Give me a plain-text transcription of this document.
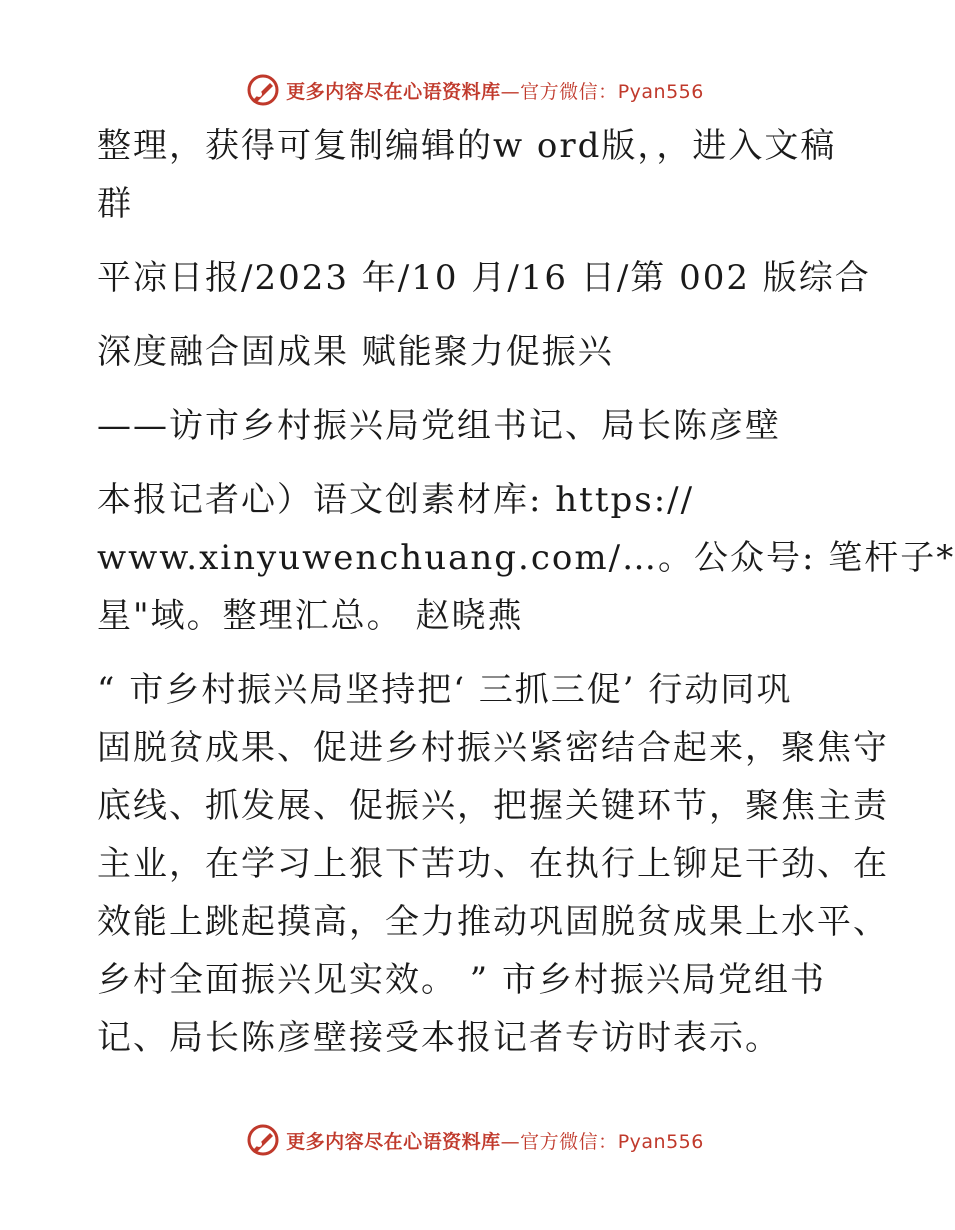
更多内容尽在心语资料库—官方微信：Pyan556
整理，获得可复制编辑的w ord版，，进入文稿
群
平凉日报/2023 年/10 月/16 日/第 002 版综合
深度融合固成果 赋能聚力促振兴
——访市乡村振兴局党组书记、局长陈彦壁
本报记者心）语文创素材库: https://
www.xinyuwenchuang.com/…。公众号: 笔杆子*
星"域。整理汇总。 赵晓燕
“ 市乡村振兴局坚持把‘ 三抓三促’ 行动同巩
固脱贫成果、促进乡村振兴紧密结合起来，聚焦守
底线、抓发展、促振兴，把握关键环节，聚焦主责
主业，在学习上狠下苦功、在执行上铆足干劲、在
效能上跳起摸高，全力推动巩固脱贫成果上水平、
乡村全面振兴见实效。 ” 市乡村振兴局党组书
记、局长陈彦壁接受本报记者专访时表示。
更多内容尽在心语资料库—官方微信：Pyan556
